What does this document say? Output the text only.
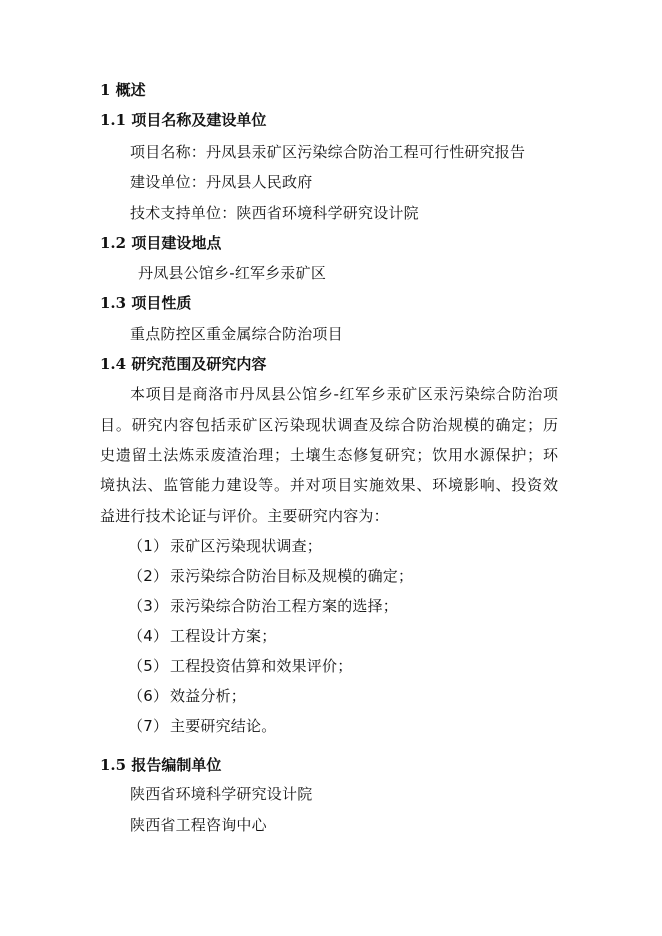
1 概述
1.1 项目名称及建设单位
项目名称：丹凤县汞矿区污染综合防治工程可行性研究报告
建设单位：丹凤县人民政府
技术支持单位：陕西省环境科学研究设计院
1.2 项目建设地点
丹凤县公馆乡-红军乡汞矿区
1.3 项目性质
重点防控区重金属综合防治项目
1.4 研究范围及研究内容
本项目是商洛市丹凤县公馆乡-红军乡汞矿区汞污染综合防治项
目。研究内容包括汞矿区污染现状调查及综合防治规模的确定；历
史遗留土法炼汞废渣治理；土壤生态修复研究；饮用水源保护；环
境执法、监管能力建设等。并对项目实施效果、环境影响、投资效
益进行技术论证与评价。主要研究内容为：
（1） 汞矿区污染现状调查；
（2） 汞污染综合防治目标及规模的确定；
（3） 汞污染综合防治工程方案的选择；
（4） 工程设计方案；
（5） 工程投资估算和效果评价；
（6） 效益分析；
（7） 主要研究结论。
1.5 报告编制单位
陕西省环境科学研究设计院
陕西省工程咨询中心
